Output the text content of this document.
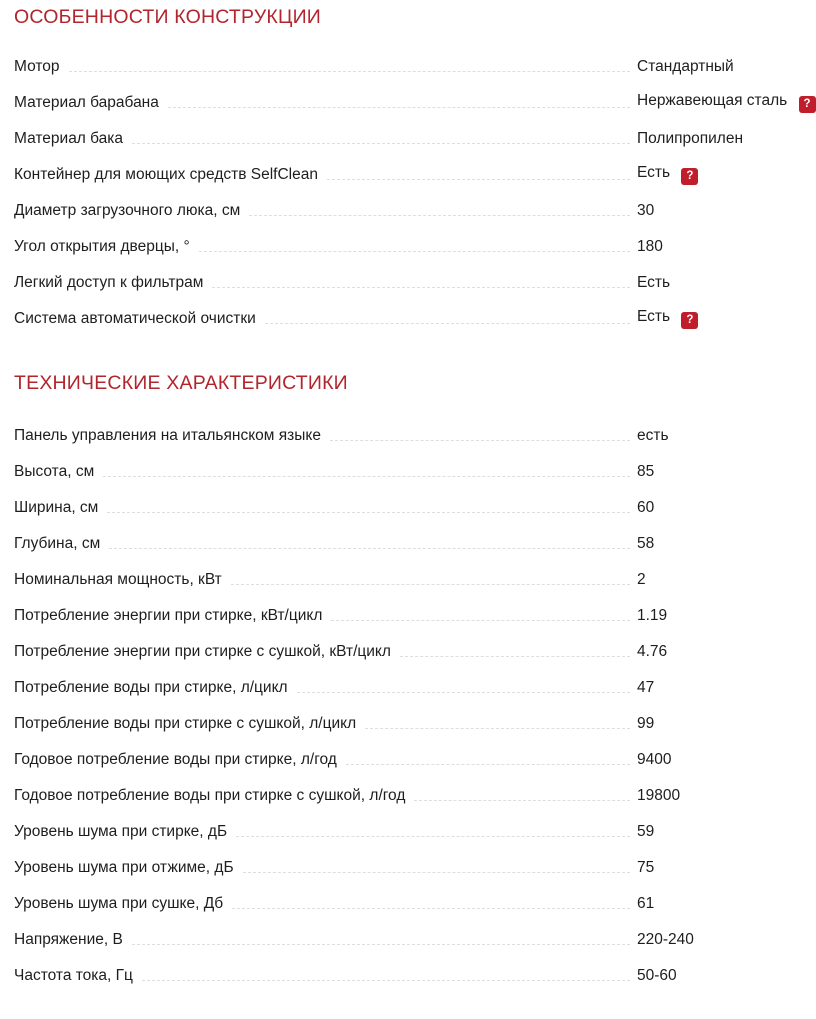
ОСОБЕННОСТИ КОНСТРУКЦИИ
Мотор	Стандартный
Материал барабана	Нержавеющая сталь ?
Материал бака	Полипропилен
Контейнер для моющих средств SelfClean	Есть ?
Диаметр загрузочного люка, см	30
Угол открытия дверцы, °	180
Легкий доступ к фильтрам	Есть
Система автоматической очистки	Есть ?
ТЕХНИЧЕСКИЕ ХАРАКТЕРИСТИКИ
Панель управления на итальянском языке	есть
Высота, см	85
Ширина, см	60
Глубина, см	58
Номинальная мощность, кВт	2
Потребление энергии при стирке, кВт/цикл	1.19
Потребление энергии при стирке с сушкой, кВт/цикл	4.76
Потребление воды при стирке, л/цикл	47
Потребление воды при стирке с сушкой, л/цикл	99
Годовое потребление воды при стирке, л/год	9400
Годовое потребление воды при стирке с сушкой, л/год	19800
Уровень шума при стирке, дБ	59
Уровень шума при отжиме, дБ	75
Уровень шума при сушке, Дб	61
Напряжение, В	220-240
Частота тока, Гц	50-60
